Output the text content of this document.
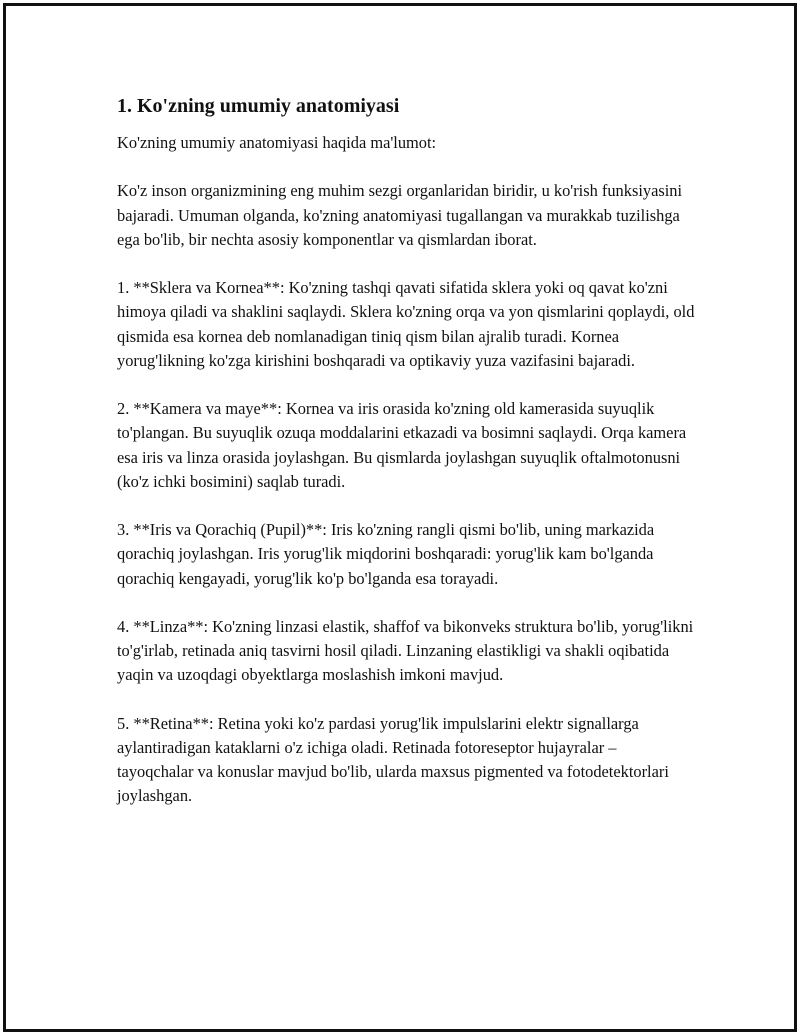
1. Ko'zning umumiy anatomiyasi

Ko'zning umumiy anatomiyasi haqida ma'lumot:

Ko'z inson organizmining eng muhim sezgi organlaridan biridir, u ko'rish funksiyasini bajaradi. Umuman olganda, ko'zning anatomiyasi tugallangan va murakkab tuzilishga ega bo'lib, bir nechta asosiy komponentlar va qismlardan iborat.

1. **Sklera va Kornea**: Ko'zning tashqi qavati sifatida sklera yoki oq qavat ko'zni himoya qiladi va shaklini saqlaydi. Sklera ko'zning orqa va yon qismlarini qoplaydi, old qismida esa kornea deb nomlanadigan tiniq qism bilan ajralib turadi. Kornea yorug'likning ko'zga kirishini boshqaradi va optikaviy yuza vazifasini bajaradi.

2. **Kamera va maye**: Kornea va iris orasida ko'zning old kamerasida suyuqlik to'plangan. Bu suyuqlik ozuqa moddalarini etkazadi va bosimni saqlaydi. Orqa kamera esa iris va linza orasida joylashgan. Bu qismlarda joylashgan suyuqlik oftalmotonusni (ko'z ichki bosimini) saqlab turadi.

3. **Iris va Qorachiq (Pupil)**: Iris ko'zning rangli qismi bo'lib, uning markazida qorachiq joylashgan. Iris yorug'lik miqdorini boshqaradi: yorug'lik kam bo'lganda qorachiq kengayadi, yorug'lik ko'p bo'lganda esa torayadi.

4. **Linza**: Ko'zning linzasi elastik, shaffof va bikonveks struktura bo'lib, yorug'likni to'g'irlab, retinada aniq tasvirni hosil qiladi. Linzaning elastikligi va shakli oqibatida yaqin va uzoqdagi obyektlarga moslashish imkoni mavjud.

5. **Retina**: Retina yoki ko'z pardasi yorug'lik impulslarini elektr signallarga aylantiradigan kataklarni o'z ichiga oladi. Retinada fotoreseptor hujayralar – tayoqchalar va konuslar mavjud bo'lib, ularda maxsus pigmented va fotodetektorlari joylashgan.
